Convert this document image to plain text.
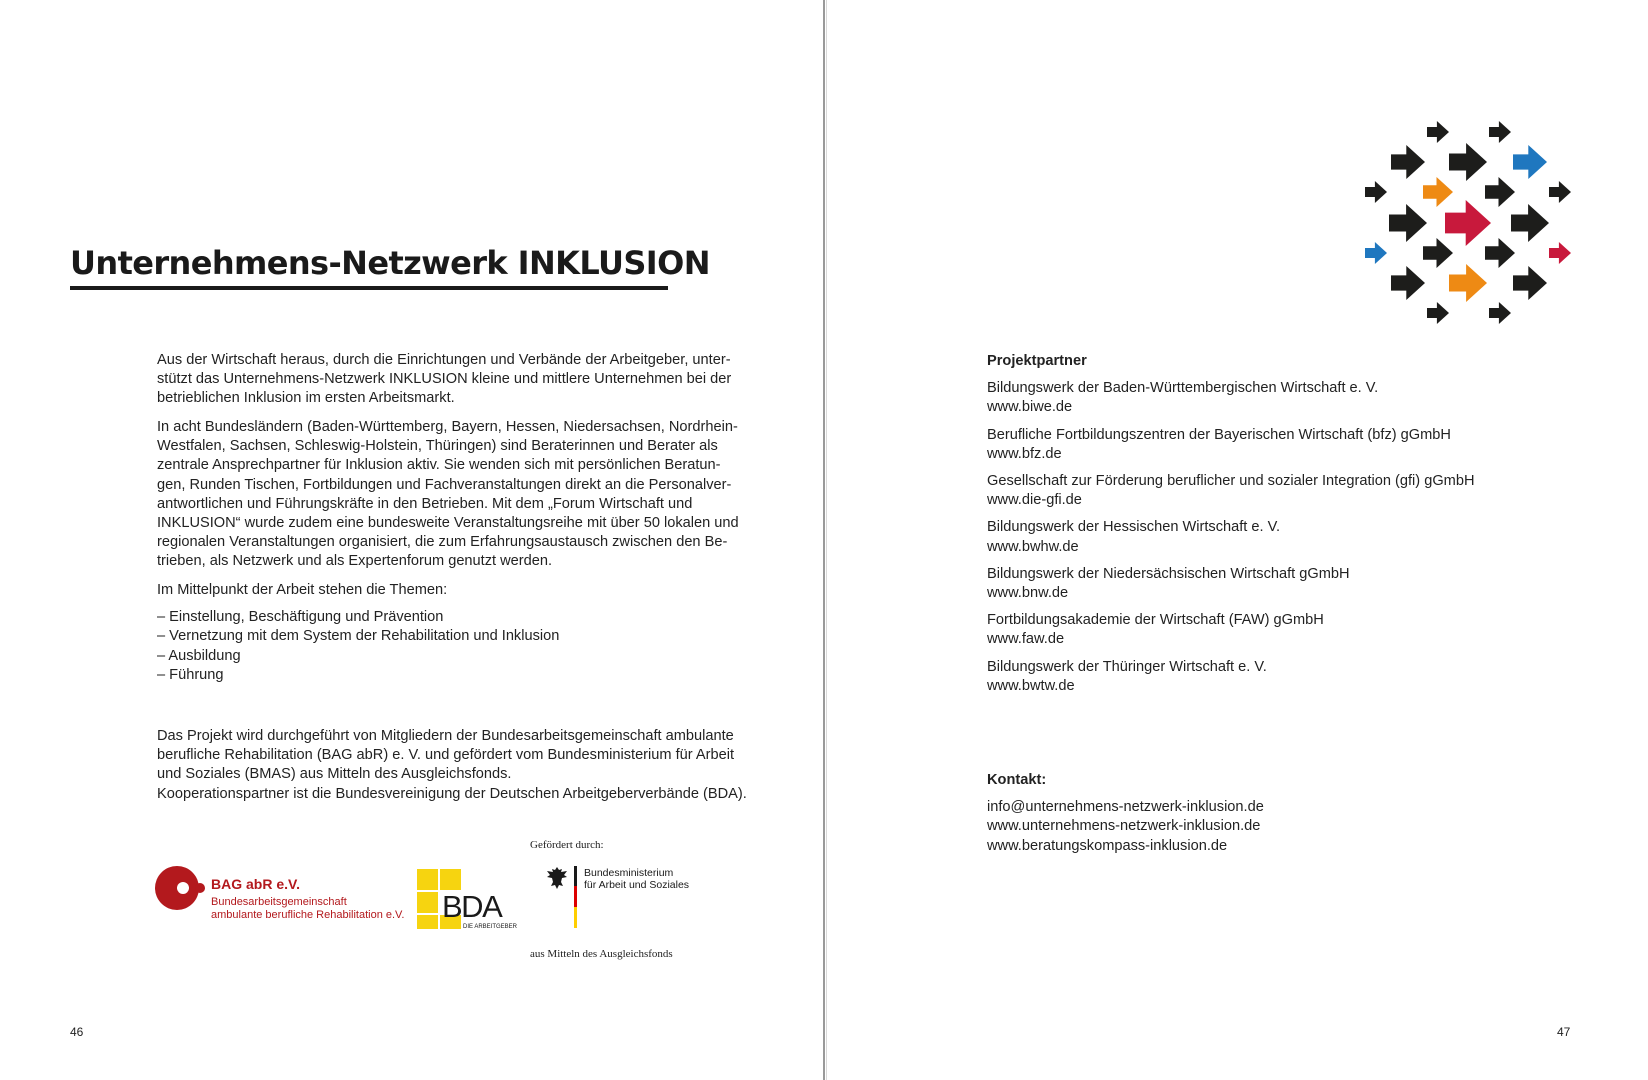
Unternehmens-Netzwerk INKLUSION
Aus der Wirtschaft heraus, durch die Einrichtungen und Verbände der Arbeitgeber, unter-
stützt das Unternehmens-Netzwerk INKLUSION kleine und mittlere Unternehmen bei der
betrieblichen Inklusion im ersten Arbeitsmarkt.
In acht Bundesländern (Baden-Württemberg, Bayern, Hessen, Niedersachsen, Nordrhein-
Westfalen, Sachsen, Schleswig-Holstein, Thüringen) sind Beraterinnen und Berater als
zentrale Ansprechpartner für Inklusion aktiv. Sie wenden sich mit persönlichen Beratun-
gen, Runden Tischen, Fortbildungen und Fachveranstaltungen direkt an die Personalver-
antwortlichen und Führungskräfte in den Betrieben. Mit dem „Forum Wirtschaft und
INKLUSION“ wurde zudem eine bundesweite Veranstaltungsreihe mit über 50 lokalen und
regionalen Veranstaltungen organisiert, die zum Erfahrungsaustausch zwischen den Be-
trieben, als Netzwerk und als Expertenforum genutzt werden.
Im Mittelpunkt der Arbeit stehen die Themen:
– Einstellung, Beschäftigung und Prävention
– Vernetzung mit dem System der Rehabilitation und Inklusion
– Ausbildung
– Führung
Das Projekt wird durchgeführt von Mitgliedern der Bundesarbeitsgemeinschaft ambulante
berufliche Rehabilitation (BAG abR) e. V. und gefördert vom Bundesministerium für Arbeit
und Soziales (BMAS) aus Mitteln des Ausgleichsfonds.
Kooperationspartner ist die Bundesvereinigung der Deutschen Arbeitgeberverbände (BDA).
BAG abR e.V.
Bundesarbeitsgemeinschaft
ambulante berufliche Rehabilitation e.V. BDA
DIE ARBEITGEBER
Gefördert durch:
Bundesministerium
für Arbeit und Soziales
aus Mitteln des Ausgleichsfonds
46	47
Projektpartner
Bildungswerk der Baden-Württembergischen Wirtschaft e. V.
www.biwe.de
Berufliche Fortbildungszentren der Bayerischen Wirtschaft (bfz) gGmbH
www.bfz.de
Gesellschaft zur Förderung beruflicher und sozialer Integration (gfi) gGmbH
www.die-gfi.de
Bildungswerk der Hessischen Wirtschaft e. V.
www.bwhw.de
Bildungswerk der Niedersächsischen Wirtschaft gGmbH
www.bnw.de
Fortbildungsakademie der Wirtschaft (FAW) gGmbH
www.faw.de
Bildungswerk der Thüringer Wirtschaft e. V.
www.bwtw.de
Kontakt:
info@unternehmens-netzwerk-inklusion.de
www.unternehmens-netzwerk-inklusion.de
www.beratungskompass-inklusion.de
